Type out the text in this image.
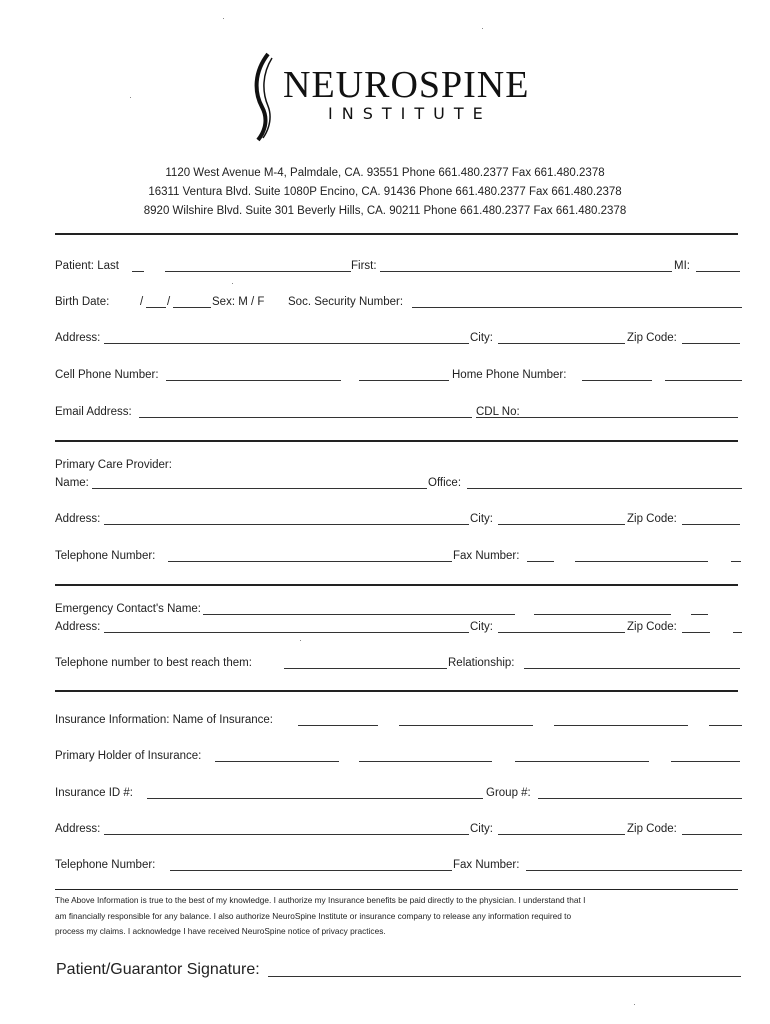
NEUROSPINE
INSTITUTE
1120 West Avenue M-4, Palmdale, CA. 93551 Phone 661.480.2377 Fax 661.480.2378
16311 Ventura Blvd. Suite 1080P Encino, CA. 91436 Phone 661.480.2377 Fax 661.480.2378
8920 Wilshire Blvd. Suite 301 Beverly Hills, CA. 90211 Phone 661.480.2377 Fax 661.480.2378
Patient: Last	First:	MI:
Birth Date:	/ /	Sex: M / F Soc. Security Number:
Address:	City:	Zip Code:
Cell Phone Number:	Home Phone Number:
Email Address:	CDL No:
Primary Care Provider:
Name:	Office:
Address:	City:	Zip Code:
Telephone Number:	Fax Number:
Emergency Contact's Name:
Address:	City:	Zip Code:
Telephone number to best reach them:	Relationship:
Insurance Information: Name of Insurance:
Primary Holder of Insurance:
Insurance ID #:	Group #:
Address:	City:	Zip Code:
Telephone Number:	Fax Number:
The Above Information is true to the best of my knowledge. I authorize my Insurance benefits be paid directly to the physician. I understand that I
am financially responsible for any balance. I also authorize NeuroSpine Institute or insurance company to release any information required to
process my claims. I acknowledge I have received NeuroSpine notice of privacy practices.
Patient/Guarantor Signature:
